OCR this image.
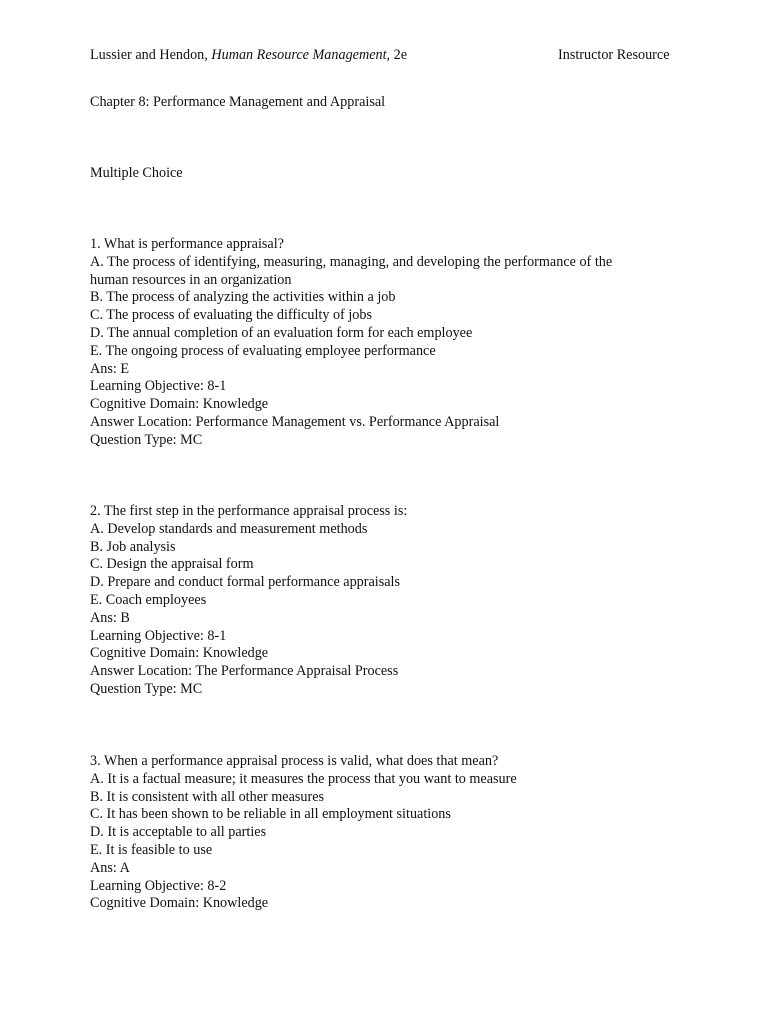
Lussier and Hendon, Human Resource Management, 2e	Instructor Resource
Chapter 8: Performance Management and Appraisal
Multiple Choice
1. What is performance appraisal?
A. The process of identifying, measuring, managing, and developing the performance of the
human resources in an organization
B. The process of analyzing the activities within a job
C. The process of evaluating the difficulty of jobs
D. The annual completion of an evaluation form for each employee
E. The ongoing process of evaluating employee performance
Ans: E
Learning Objective: 8-1
Cognitive Domain: Knowledge
Answer Location: Performance Management vs. Performance Appraisal
Question Type: MC
2. The first step in the performance appraisal process is:
A. Develop standards and measurement methods
B. Job analysis
C. Design the appraisal form
D. Prepare and conduct formal performance appraisals
E. Coach employees
Ans: B
Learning Objective: 8-1
Cognitive Domain: Knowledge
Answer Location: The Performance Appraisal Process
Question Type: MC
3. When a performance appraisal process is valid, what does that mean?
A. It is a factual measure; it measures the process that you want to measure
B. It is consistent with all other measures
C. It has been shown to be reliable in all employment situations
D. It is acceptable to all parties
E. It is feasible to use
Ans: A
Learning Objective: 8-2
Cognitive Domain: Knowledge
